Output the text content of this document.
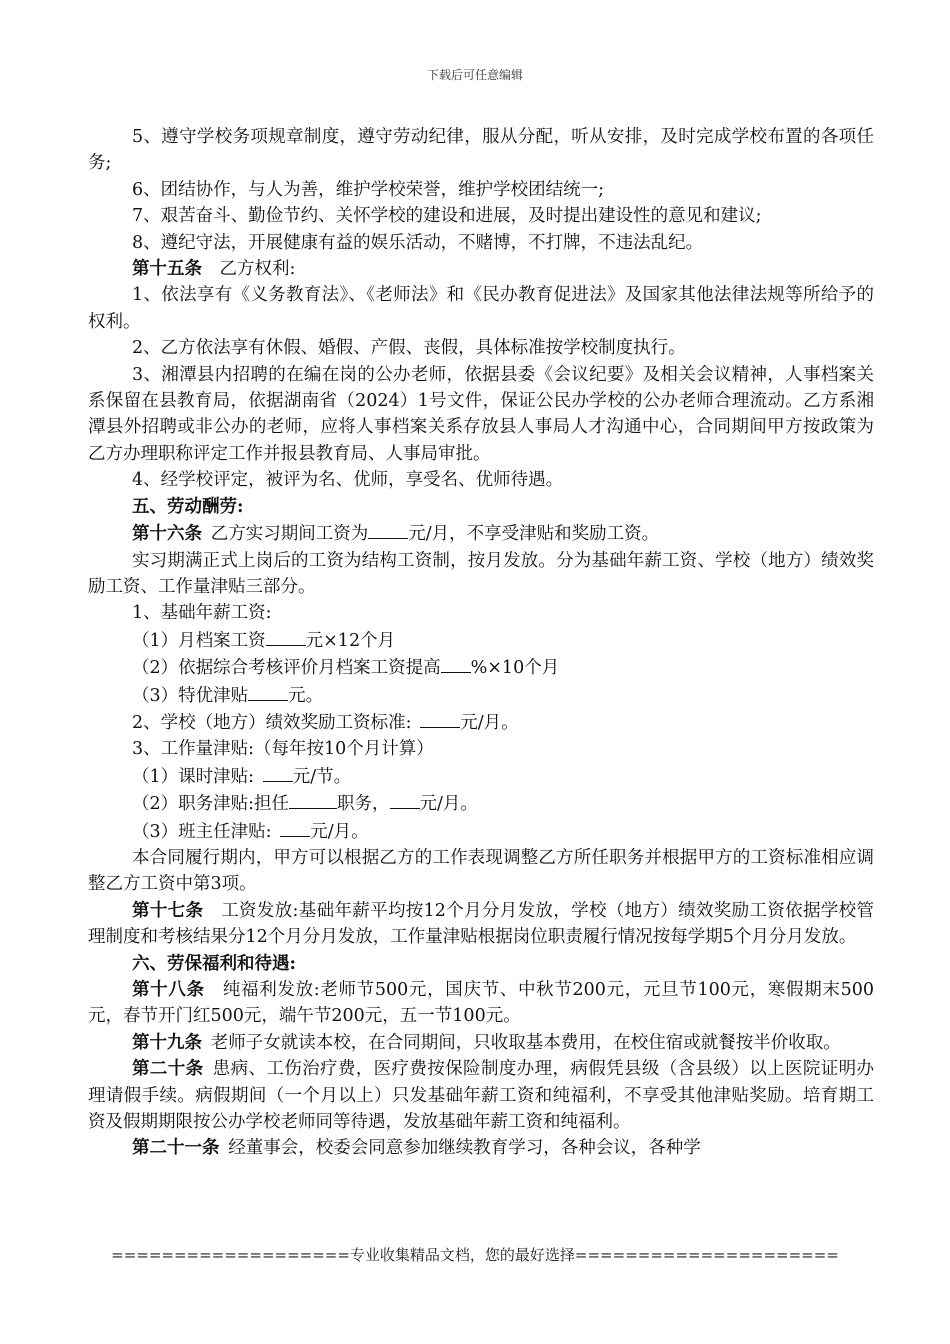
下载后可任意编辑

5、遵守学校务项规章制度，遵守劳动纪律，服从分配，听从安排，及时完成学校布置的各项任务;

6、团结协作，与人为善，维护学校荣誉，维护学校团结统一;

7、艰苦奋斗、勤俭节约、关怀学校的建设和进展，及时提出建设性的意见和建议;

8、遵纪守法，开展健康有益的娱乐活动，不赌博，不打牌，不违法乱纪。

第十五条  乙方权利:

1、依法享有《义务教育法》、《老师法》和《民办教育促进法》及国家其他法律法规等所给予的权利。

2、乙方依法享有休假、婚假、产假、丧假，具体标准按学校制度执行。

3、湘潭县内招聘的在编在岗的公办老师，依据县委《会议纪要》及相关会议精神，人事档案关系保留在县教育局，依据湖南省（2024）1号文件，保证公民办学校的公办老师合理流动。乙方系湘潭县外招聘或非公办的老师，应将人事档案关系存放县人事局人才沟通中心，合同期间甲方按政策为乙方办理职称评定工作并报县教育局、人事局审批。

4、经学校评定，被评为名、优师，享受名、优师待遇。

五、劳动酬劳:

第十六条  乙方实习期间工资为 元/月，不享受津贴和奖励工资。

实习期满正式上岗后的工资为结构工资制，按月发放。分为基础年薪工资、学校（地方）绩效奖励工资、工作量津贴三部分。

1、基础年薪工资:

（1）月档案工资 元×12个月

（2）依据综合考核评价月档案工资提高 %×10个月

（3）特优津贴 元。

2、学校（地方）绩效奖励工资标准: 	元/月。

3、工作量津贴:（每年按10个月计算）

（1）课时津贴:  元/节。

（2）职务津贴:担任	职务， 元/月。

（3）班主任津贴:  元/月。

本合同履行期内，甲方可以根据乙方的工作表现调整乙方所任职务并根据甲方的工资标准相应调整乙方工资中第3项。

第十七条  工资发放:基础年薪平均按12个月分月发放，学校（地方）绩效奖励工资依据学校管理制度和考核结果分12个月分月发放，工作量津贴根据岗位职责履行情况按每学期5个月分月发放。

六、劳保福利和待遇:

第十八条  纯福利发放:老师节500元，国庆节、中秋节200元，元旦节100元，寒假期末500元，春节开门红500元，端午节200元，五一节100元。

第十九条  老师子女就读本校，在合同期间，只收取基本费用，在校住宿或就餐按半价收取。

第二十条  患病、工伤治疗费，医疗费按保险制度办理，病假凭县级（含县级）以上医院证明办理请假手续。病假期间（一个月以上）只发基础年薪工资和纯福利，不享受其他津贴奖励。培育期工资及假期期限按公办学校老师同等待遇，发放基础年薪工资和纯福利。

第二十一条  经董事会，校委会同意参加继续教育学习，各种会议，各种学

===================专业收集精品文档，您的最好选择=====================
